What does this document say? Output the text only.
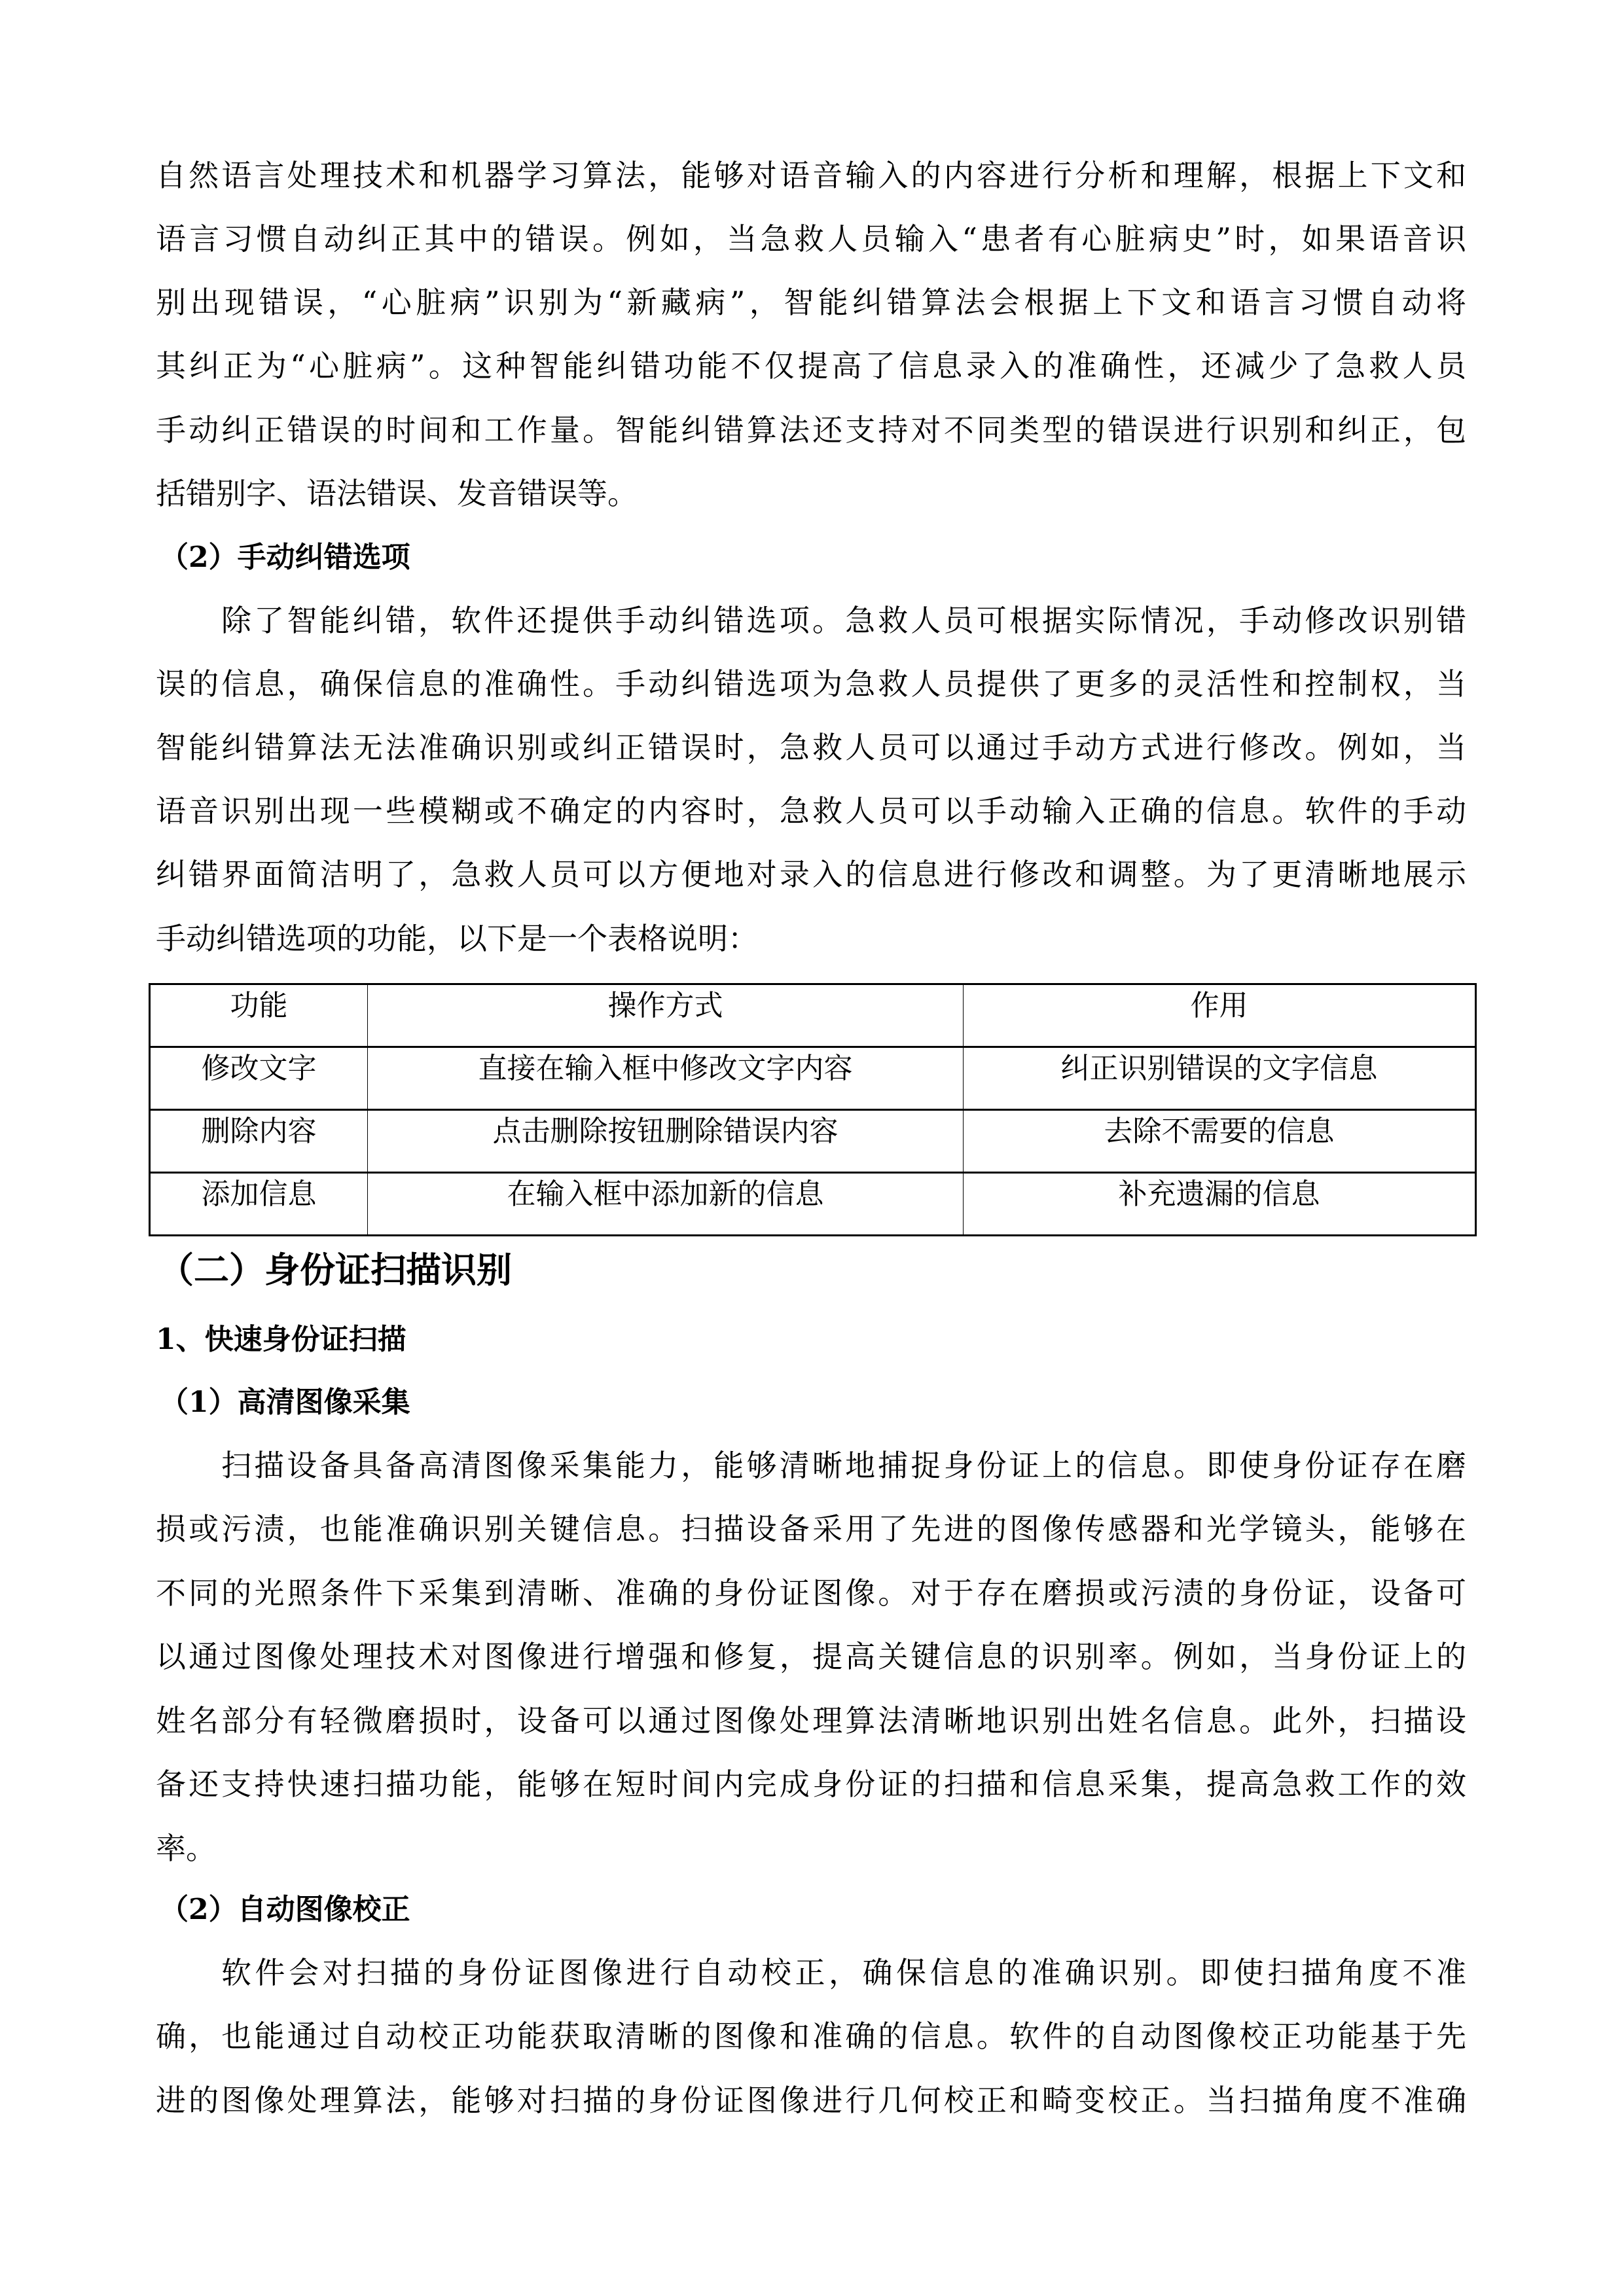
自然语言处理技术和机器学习算法，能够对语音输入的内容进行分析和理解，根据上下文和
语言习惯自动纠正其中的错误。例如，当急救人员输入“患者有心脏病史”时，如果语音识
别出现错误，“心脏病”识别为“新藏病”，智能纠错算法会根据上下文和语言习惯自动将
其纠正为“心脏病”。这种智能纠错功能不仅提高了信息录入的准确性，还减少了急救人员
手动纠正错误的时间和工作量。智能纠错算法还支持对不同类型的错误进行识别和纠正，包
括错别字、语法错误、发音错误等。
（2）手动纠错选项
除了智能纠错，软件还提供手动纠错选项。急救人员可根据实际情况，手动修改识别错
误的信息，确保信息的准确性。手动纠错选项为急救人员提供了更多的灵活性和控制权，当
智能纠错算法无法准确识别或纠正错误时，急救人员可以通过手动方式进行修改。例如，当
语音识别出现一些模糊或不确定的内容时，急救人员可以手动输入正确的信息。软件的手动
纠错界面简洁明了，急救人员可以方便地对录入的信息进行修改和调整。为了更清晰地展示
手动纠错选项的功能，以下是一个表格说明：
功能	操作方式	作用
修改文字	直接在输入框中修改文字内容	纠正识别错误的文字信息
删除内容	点击删除按钮删除错误内容	去除不需要的信息
添加信息	在输入框中添加新的信息	补充遗漏的信息
（二）身份证扫描识别
1、快速身份证扫描
（1）高清图像采集
扫描设备具备高清图像采集能力，能够清晰地捕捉身份证上的信息。即使身份证存在磨
损或污渍，也能准确识别关键信息。扫描设备采用了先进的图像传感器和光学镜头，能够在
不同的光照条件下采集到清晰、准确的身份证图像。对于存在磨损或污渍的身份证，设备可
以通过图像处理技术对图像进行增强和修复，提高关键信息的识别率。例如，当身份证上的
姓名部分有轻微磨损时，设备可以通过图像处理算法清晰地识别出姓名信息。此外，扫描设
备还支持快速扫描功能，能够在短时间内完成身份证的扫描和信息采集，提高急救工作的效
率。
（2）自动图像校正
软件会对扫描的身份证图像进行自动校正，确保信息的准确识别。即使扫描角度不准
确，也能通过自动校正功能获取清晰的图像和准确的信息。软件的自动图像校正功能基于先
进的图像处理算法，能够对扫描的身份证图像进行几何校正和畸变校正。当扫描角度不准确
